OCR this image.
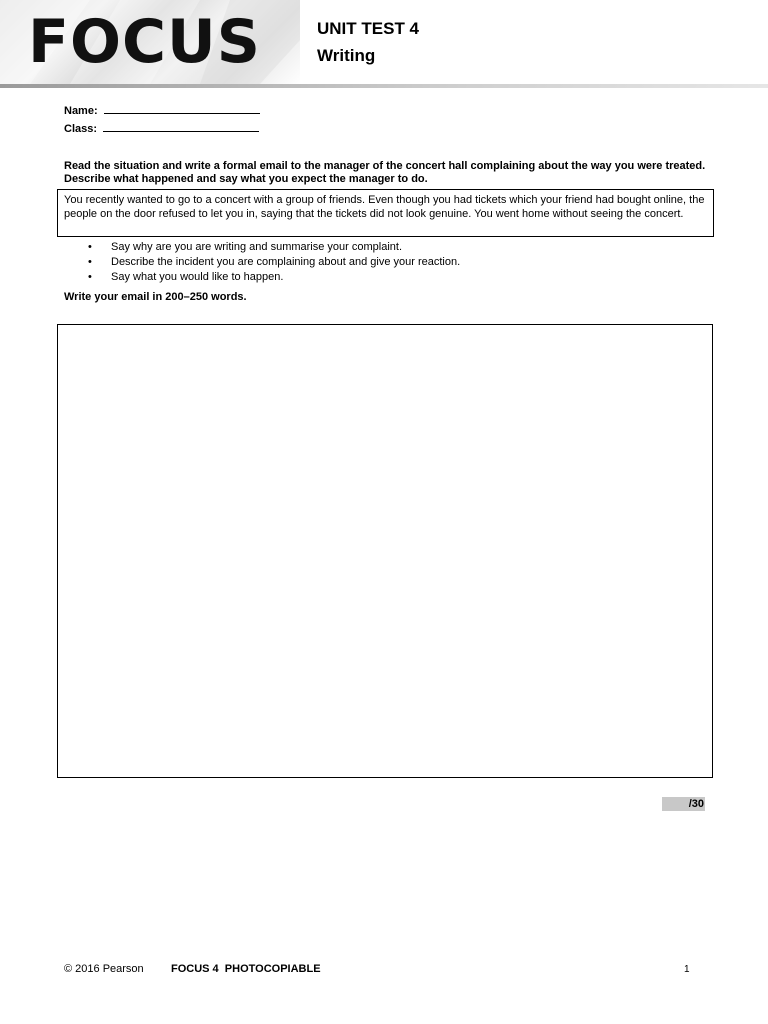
FOCUS	UNIT TEST 4
Writing
Name:
Class:
Read the situation and write a formal email to the manager of the concert hall complaining about the way you were treated. Describe what happened and say what you expect the manager to do.
You recently wanted to go to a concert with a group of friends. Even though you had tickets which your friend had bought online, the people on the door refused to let you in, saying that the tickets did not look genuine. You went home without seeing the concert.
• Say why are you are writing and summarise your complaint.
• Describe the incident you are complaining about and give your reaction.
• Say what you would like to happen.
Write your email in 200–250 words.
/30
© 2016 Pearson FOCUS 4  PHOTOCOPIABLE	1
